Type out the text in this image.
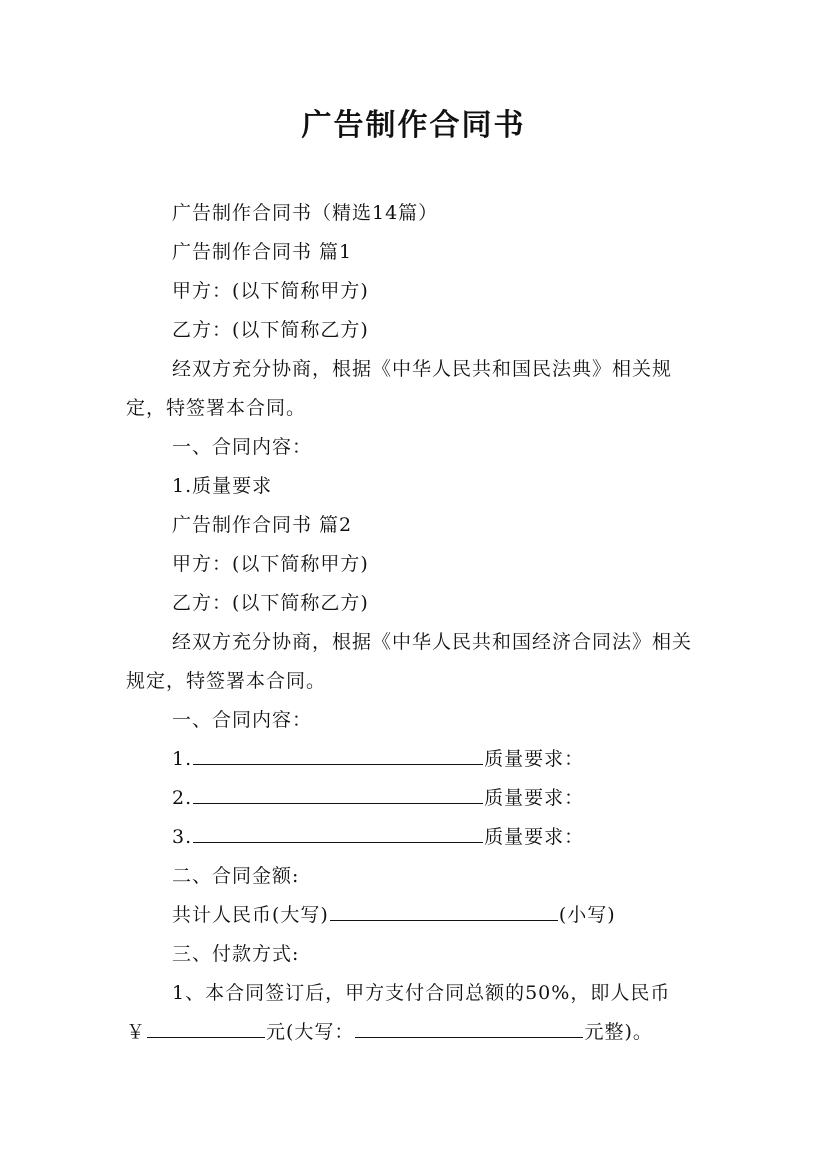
广告制作合同书

广告制作合同书（精选14篇）

广告制作合同书 篇1

甲方：(以下简称甲方)

乙方：(以下简称乙方)

经双方充分协商，根据《中华人民共和国民法典》相关规定，特签署本合同。

一、合同内容：

1.质量要求

广告制作合同书 篇2

甲方：(以下简称甲方)

乙方：(以下简称乙方)

经双方充分协商，根据《中华人民共和国经济合同法》相关规定，特签署本合同。

一、合同内容：

1.	质量要求：

2.	质量要求：

3.	质量要求：

二、合同金额:

共计人民币(大写)	(小写)

三、付款方式:

1、本合同签订后，甲方支付合同总额的50%，即人民币

￥	元(大写：	元整)。
